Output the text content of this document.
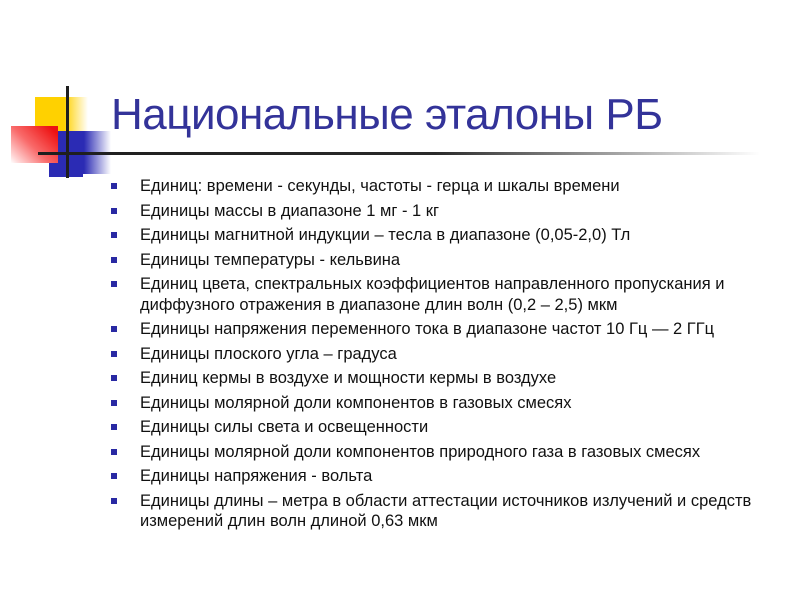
Национальные эталоны РБ
Единиц: времени - секунды, частоты - герца и шкалы времени
Единицы массы в диапазоне 1 мг - 1 кг
Единицы магнитной индукции – тесла в диапазоне (0,05-2,0) Тл
Единицы температуры - кельвина
Единиц цвета, спектральных коэффициентов направленного пропускания и диффузного отражения в диапазоне длин волн (0,2 – 2,5) мкм
Единицы напряжения переменного тока в диапазоне частот 10 Гц — 2 ГГц
Единицы плоского угла – градуса
Единиц кермы в воздухе и мощности кермы в воздухе
Единицы молярной доли компонентов в газовых смесях
Единицы силы света и освещенности
Единицы молярной доли компонентов природного газа в газовых смесях
Единицы напряжения - вольта
Единицы длины – метра в области аттестации источников излучений и средств измерений длин волн длиной 0,63 мкм
